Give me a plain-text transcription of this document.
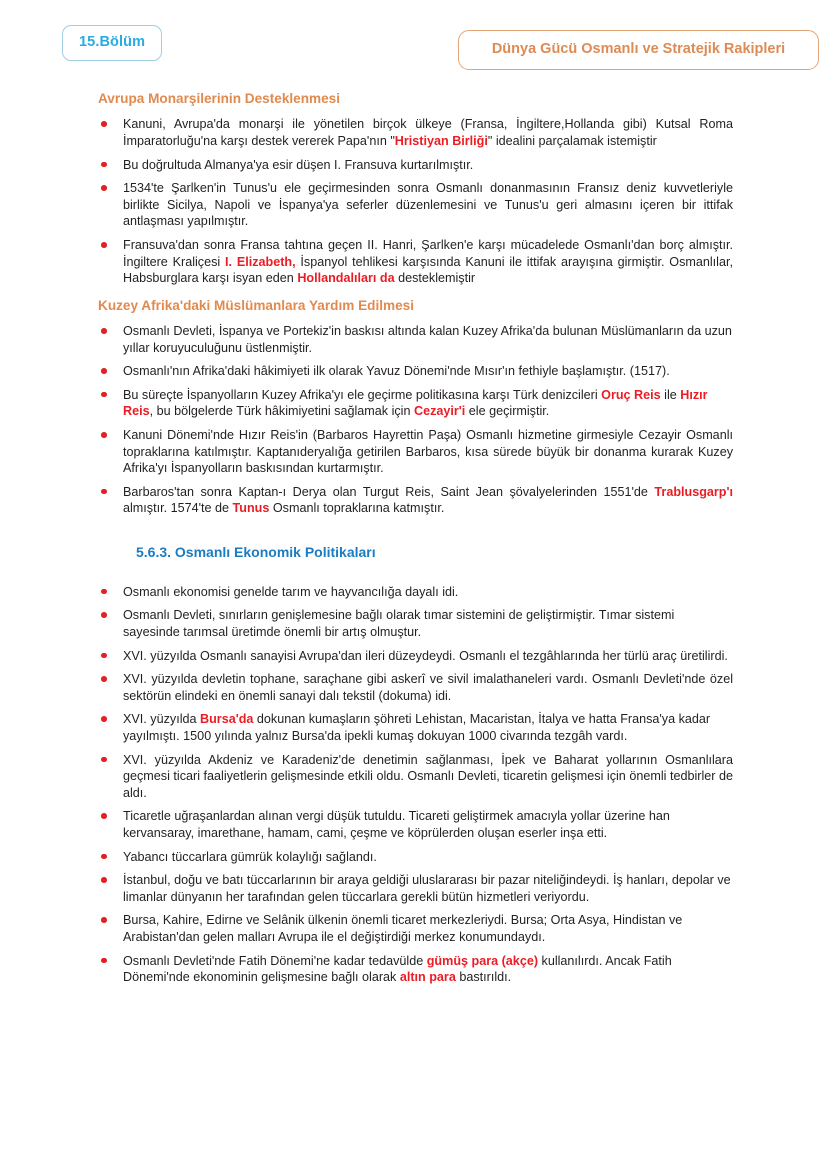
15.Bölüm	Dünya Gücü Osmanlı ve Stratejik Rakipleri
Avrupa Monarşilerinin Desteklenmesi
Kanuni, Avrupa'da monarşi ile yönetilen birçok ülkeye (Fransa, İngiltere,Hollanda gibi) Kutsal Roma İmparatorluğu'na karşı destek vererek Papa'nın "Hristiyan Birliği" idealini parçalamak istemiştir
Bu doğrultuda Almanya'ya esir düşen I. Fransuva kurtarılmıştır.
1534'te Şarlken'in Tunus'u ele geçirmesinden sonra Osmanlı donanmasının Fransız deniz kuvvetleriyle birlikte Sicilya, Napoli ve İspanya'ya seferler düzenlemesini ve Tunus'u geri almasını içeren bir ittifak antlaşması yapılmıştır.
Fransuva'dan sonra Fransa tahtına geçen II. Hanri, Şarlken'e karşı mücadelede Osmanlı'dan borç almıştır. İngiltere Kraliçesi I. Elizabeth, İspanyol tehlikesi karşısında Kanuni ile ittifak arayışına girmiştir. Osmanlılar, Habsburglara karşı isyan eden Hollandalıları da desteklemiştir
Kuzey Afrika'daki Müslümanlara Yardım Edilmesi
Osmanlı Devleti, İspanya ve Portekiz'in baskısı altında kalan Kuzey Afrika'da bulunan Müslümanların da uzun yıllar koruyuculuğunu üstlenmiştir.
Osmanlı'nın Afrika'daki hâkimiyeti ilk olarak Yavuz Dönemi'nde Mısır'ın fethiyle başlamıştır. (1517).
Bu süreçte İspanyolların Kuzey Afrika'yı ele geçirme politikasına karşı Türk denizcileri Oruç Reis ile Hızır Reis, bu bölgelerde Türk hâkimiyetini sağlamak için Cezayir'i ele geçirmiştir.
Kanuni Dönemi'nde Hızır Reis'in (Barbaros Hayrettin Paşa) Osmanlı hizmetine girmesiyle Cezayir Osmanlı topraklarına katılmıştır. Kaptanıderyalığa getirilen Barbaros, kısa sürede büyük bir donanma kurarak Kuzey Afrika'yı İspanyolların baskısından kurtarmıştır.
Barbaros'tan sonra Kaptan-ı Derya olan Turgut Reis, Saint Jean şövalyelerinden 1551'de Trablusgarp'ı almıştır. 1574'te de Tunus Osmanlı topraklarına katmıştır.
5.6.3. Osmanlı Ekonomik Politikaları
Osmanlı ekonomisi genelde tarım ve hayvancılığa dayalı idi.
Osmanlı Devleti, sınırların genişlemesine bağlı olarak tımar sistemini de geliştirmiştir. Tımar sistemi sayesinde tarımsal üretimde önemli bir artış olmuştur.
XVI. yüzyılda Osmanlı sanayisi Avrupa'dan ileri düzeydeydi. Osmanlı el tezgâhlarında her türlü araç üretilirdi.
XVI. yüzyılda devletin tophane, saraçhane gibi askerî ve sivil imalathaneleri vardı. Osmanlı Devleti'nde özel sektörün elindeki en önemli sanayi dalı tekstil (dokuma) idi.
XVI. yüzyılda Bursa'da dokunan kumaşların şöhreti Lehistan, Macaristan, İtalya ve hatta Fransa'ya kadar yayılmıştı. 1500 yılında yalnız Bursa'da ipekli kumaş dokuyan 1000 civarında tezgâh vardı.
XVI. yüzyılda Akdeniz ve Karadeniz'de denetimin sağlanması, İpek ve Baharat yollarının Osmanlılara geçmesi ticari faaliyetlerin gelişmesinde etkili oldu. Osmanlı Devleti, ticaretin gelişmesi için önemli tedbirler de aldı.
Ticaretle uğraşanlardan alınan vergi düşük tutuldu. Ticareti geliştirmek amacıyla yollar üzerine han kervansaray, imarethane, hamam, cami, çeşme ve köprülerden oluşan eserler inşa etti.
Yabancı tüccarlara gümrük kolaylığı sağlandı.
İstanbul, doğu ve batı tüccarlarının bir araya geldiği uluslararası bir pazar niteliğindeydi. İş hanları, depolar ve limanlar dünyanın her tarafından gelen tüccarlara gerekli bütün hizmetleri veriyordu.
Bursa, Kahire, Edirne ve Selânik ülkenin önemli ticaret merkezleriydi. Bursa; Orta Asya, Hindistan ve Arabistan'dan gelen malları Avrupa ile el değiştirdiği merkez konumundaydı.
Osmanlı Devleti'nde Fatih Dönemi'ne kadar tedavülde gümüş para (akçe) kullanılırdı. Ancak Fatih Dönemi'nde ekonominin gelişmesine bağlı olarak altın para bastırıldı.
